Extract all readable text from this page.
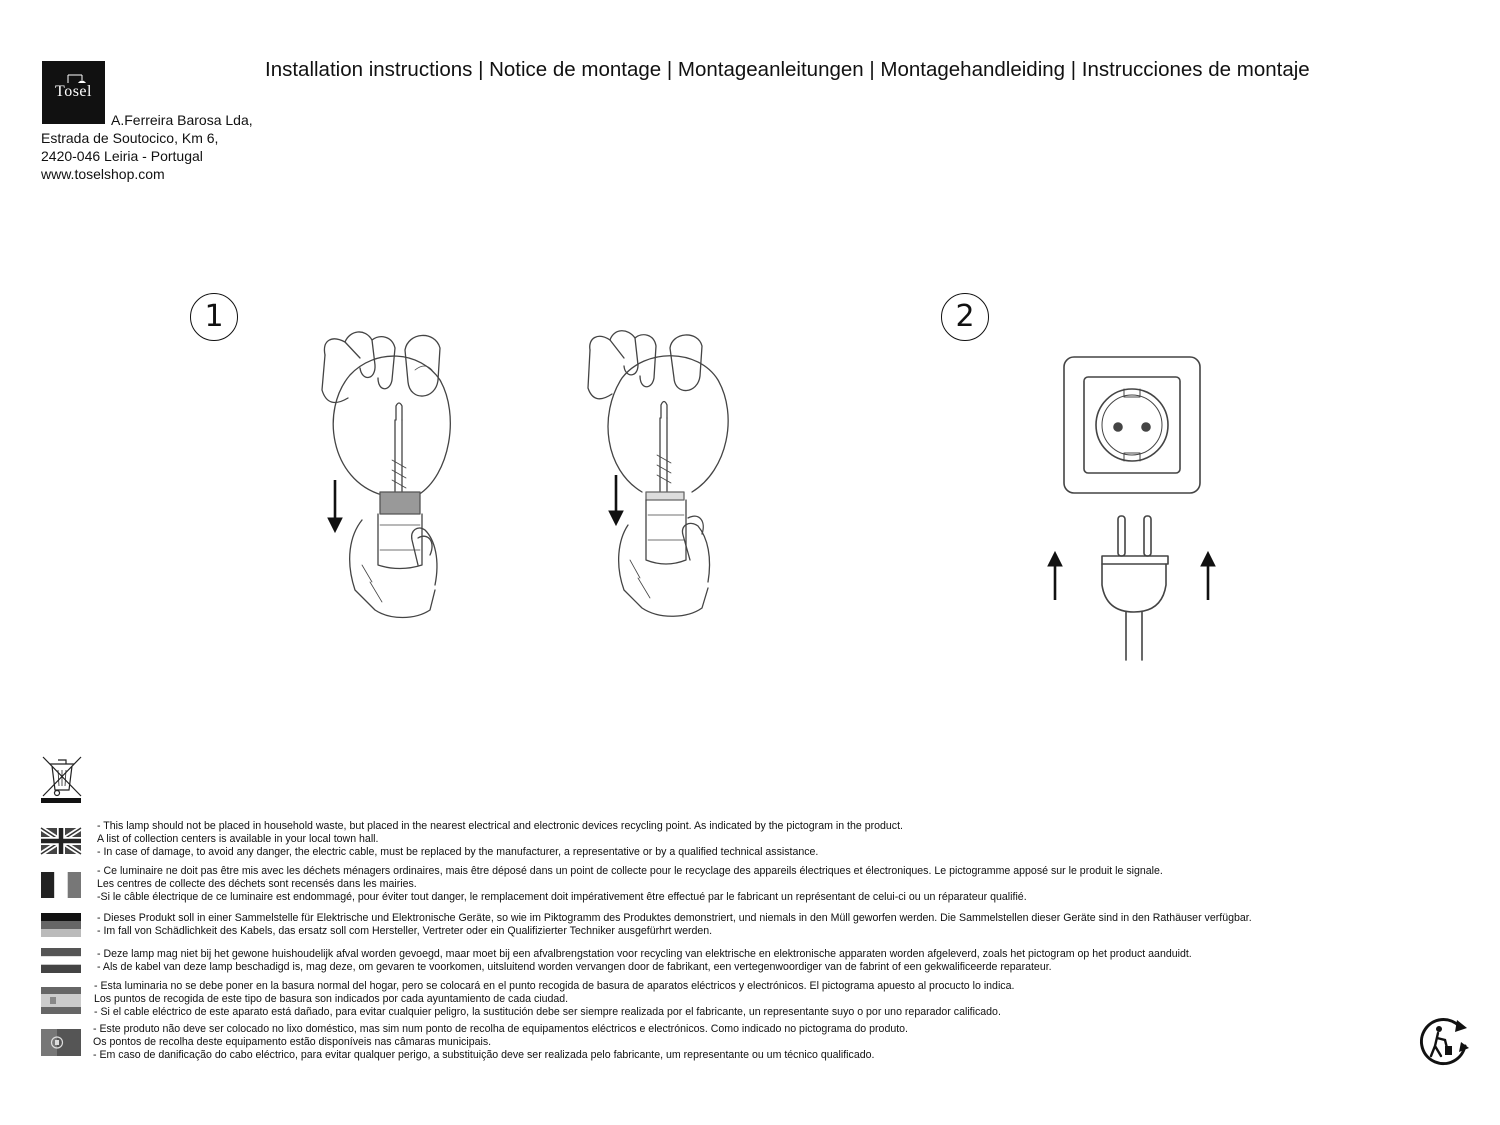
Tosel
Installation instructions | Notice de montage | Montageanleitungen | Montagehandleiding | Instrucciones de montaje
A.Ferreira Barosa Lda,
Estrada de Soutocico, Km 6,
2420-046 Leiria - Portugal
www.toselshop.com
1	2
- This lamp should not be placed in household waste, but placed in the nearest electrical and electronic devices recycling point. As indicated by the pictogram in the product.
A list of collection centers is available in your local town hall.
- In case of damage, to avoid any danger, the electric cable, must be replaced by the manufacturer, a representative or by a qualified technical assistance.
- Ce luminaire ne doit pas être mis avec les déchets ménagers ordinaires, mais être déposé dans un point de collecte pour le recyclage des appareils électriques et électroniques. Le pictogramme apposé sur le produit le signale.
Les centres de collecte des déchets sont recensés dans les mairies.
-Si le câble électrique de ce luminaire est endommagé, pour éviter tout danger, le remplacement doit impérativement être effectué par le fabricant un représentant de celui-ci ou un réparateur qualifié.
- Dieses Produkt soll in einer Sammelstelle für Elektrische und Elektronische Geräte, so wie im Piktogramm des Produktes demonstriert, und niemals in den Müll geworfen werden. Die Sammelstellen dieser Geräte sind in den Rathäuser verfügbar.
- Im fall von Schädlichkeit des Kabels, das ersatz soll com Hersteller, Vertreter oder ein Qualifizierter Techniker ausgefürhrt werden.
- Deze lamp mag niet bij het gewone huishoudelijk afval worden gevoegd, maar moet bij een afvalbrengstation voor recycling van elektrische en elektronische apparaten worden afgeleverd, zoals het pictogram op het product aanduidt.
- Als de kabel van deze lamp beschadigd is, mag deze, om gevaren te voorkomen, uitsluitend worden vervangen door de fabrikant, een vertegenwoordiger van de fabrint of een gekwalificeerde reparateur.
- Esta luminaria no se debe poner en la basura normal del hogar, pero se colocará en el punto recogida de basura de aparatos eléctricos y electrónicos. El pictograma apuesto al procucto lo indica.
Los puntos de recogida de este tipo de basura son indicados por cada ayuntamiento de cada ciudad.
- Si el cable eléctrico de este aparato está dañado, para evitar cualquier peligro, la sustitución debe ser siempre realizada por el fabricante, un representante suyo o por uno reparador calificado.
- Este produto não deve ser colocado no lixo doméstico, mas sim num ponto de recolha de equipamentos eléctricos e electrónicos. Como indicado no pictograma do produto.
Os pontos de recolha deste equipamento estão disponíveis nas câmaras municipais.
- Em caso de danificação do cabo eléctrico, para evitar qualquer perigo, a substituição deve ser realizada pelo fabricante, um representante ou um técnico qualificado.
